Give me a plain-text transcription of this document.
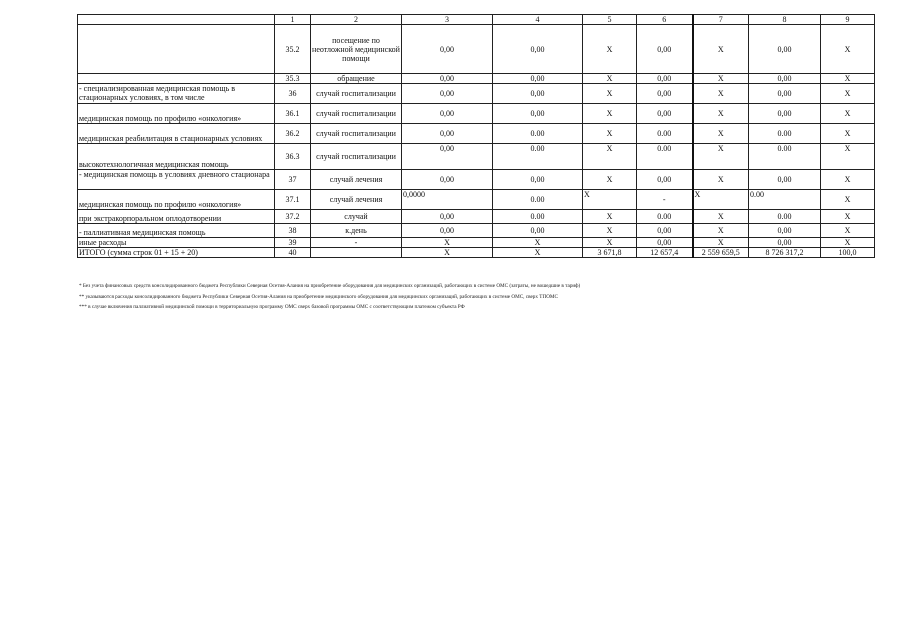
	1	2	3	4	5	6	7	8	9
	35.2	посещение по неотложной медицинской помощи	0,00	0,00	X	0,00	X	0,00	X
	35.3	обращение	0,00	0,00	X	0,00	X	0,00	X
- специализированная медицинская помощь в стационарных условиях, в том числе	36	случай госпитализации	0,00	0,00	X	0,00	X	0,00	X
медицинская помощь по профилю «онкология»	36.1	случай госпитализации	0,00	0,00	X	0,00	X	0,00	X
медицинская реабилитация в стационарных условиях	36.2	случай госпитализации	0,00	0.00	X	0.00	X	0.00	X
высокотехнологичная медицинская помощь	36.3	случай госпитализации	0,00	0.00	X	0.00	X	0.00	X
- медицинская помощь в условиях дневного стационара	37	случай лечения	0,00	0,00	X	0,00	X	0,00	X
медицинская помощь по профилю «онкология»	37.1	случай лечения	0,0000	0.00	X	-	X	0.00	X
при экстракорпоральном оплодотворении	37.2	случай	0,00	0.00	X	0.00	X	0.00	X
- паллиативная медицинская помощь	38	к.день	0,00	0,00	X	0,00	X	0,00	X
иные расходы	39	-	X	X	X	0,00	X	0,00	X
ИТОГО (сумма строк 01 + 15 + 20)	40		X	X	3 671,8	12 657,4	2 559 659,5	8 726 317,2	100,0
* Без учета финансовых средств консолидированного бюджета Республики Северная Осетия-Алания на приобретение оборудования для медицинских организаций, работающих в системе ОМС (затраты, не вошедшие в тариф)
** указываются расходы консолидированного бюджета Республики Северная Осетия-Алания на приобретение медицинского оборудования для медицинских организаций, работающих в системе ОМС, сверх ТПОМС
*** в случае включения паллиативной медицинской помощи в территориальную программу ОМС сверх базовой программы ОМС с соответствующим платежом субъекта РФ
